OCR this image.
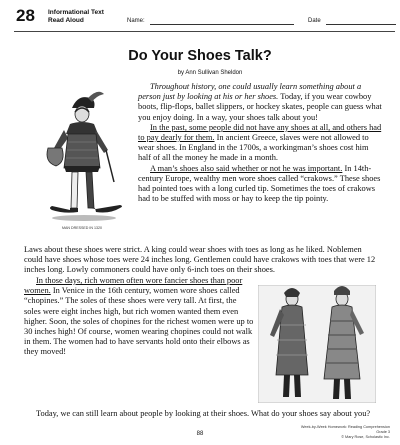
28 Informational Text
Read Aloud	Name:	Date
Do Your Shoes Talk?
by Ann Sullivan Sheldon
MAN DRESSED IN 1320

Throughout history, one could usually learn something about a person just by looking at his or her shoes. Today, if you wear cowboy boots, flip-flops, ballet slippers, or hockey skates, people can guess what you enjoy doing. In a way, your shoes talk about you!

In the past, some people did not have any shoes at all, and others had to pay dearly for them. In ancient Greece, slaves were not allowed to wear shoes. In England in the 1700s, a workingman’s shoes cost him half of all the money he made in a month.

A man’s shoes also said whether or not he was important. In 14th-century Europe, wealthy men wore shoes called “crakows.” These shoes had pointed toes with a long curled tip. Sometimes the toes of crakows had to be stuffed with moss or hay to keep the tip pointy.

Laws about these shoes were strict. A king could wear shoes with toes as long as he liked. Noblemen could have shoes whose toes were 24 inches long. Gentlemen could have crakows with toes that were 12 inches long. Lowly commoners could have only 6-inch toes on their shoes.

In those days, rich women often wore fancier shoes than poor women. In Venice in the 16th century, women wore shoes called “chopines.” The soles of these shoes were very tall. At first, the soles were eight inches high, but rich women wanted them even higher. Soon, the soles of chopines for the richest women were up to 30 inches high! Of course, women wearing chopines could not walk in them. The women had to have servants hold onto their elbows as they moved!

Today, we can still learn about people by looking at their shoes. What do your shoes say about you?

Week-by-Week Homework: Reading Comprehension Grade 3
© Mary Rose, Scholastic Inc.
88
